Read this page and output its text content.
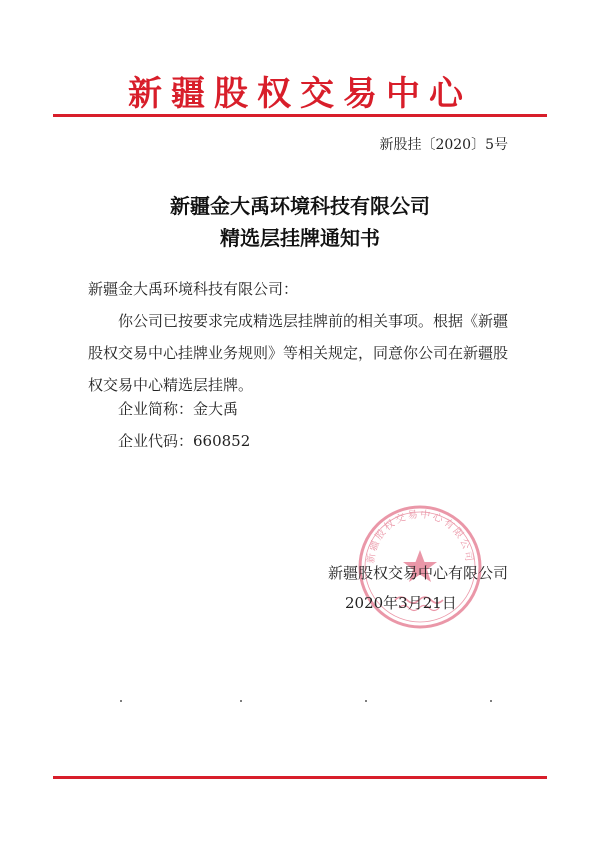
新疆股权交易中心
新股挂〔2020〕5号
新疆金大禹环境科技有限公司
精选层挂牌通知书
新疆金大禹环境科技有限公司：
你公司已按要求完成精选层挂牌前的相关事项。根据《新疆股权交易中心挂牌业务规则》等相关规定，同意你公司在新疆股权交易中心精选层挂牌。
企业简称：金大禹
企业代码：660852
新疆股权交易中心有限公司
新疆股权交易中心有限公司
2020年3月21日
